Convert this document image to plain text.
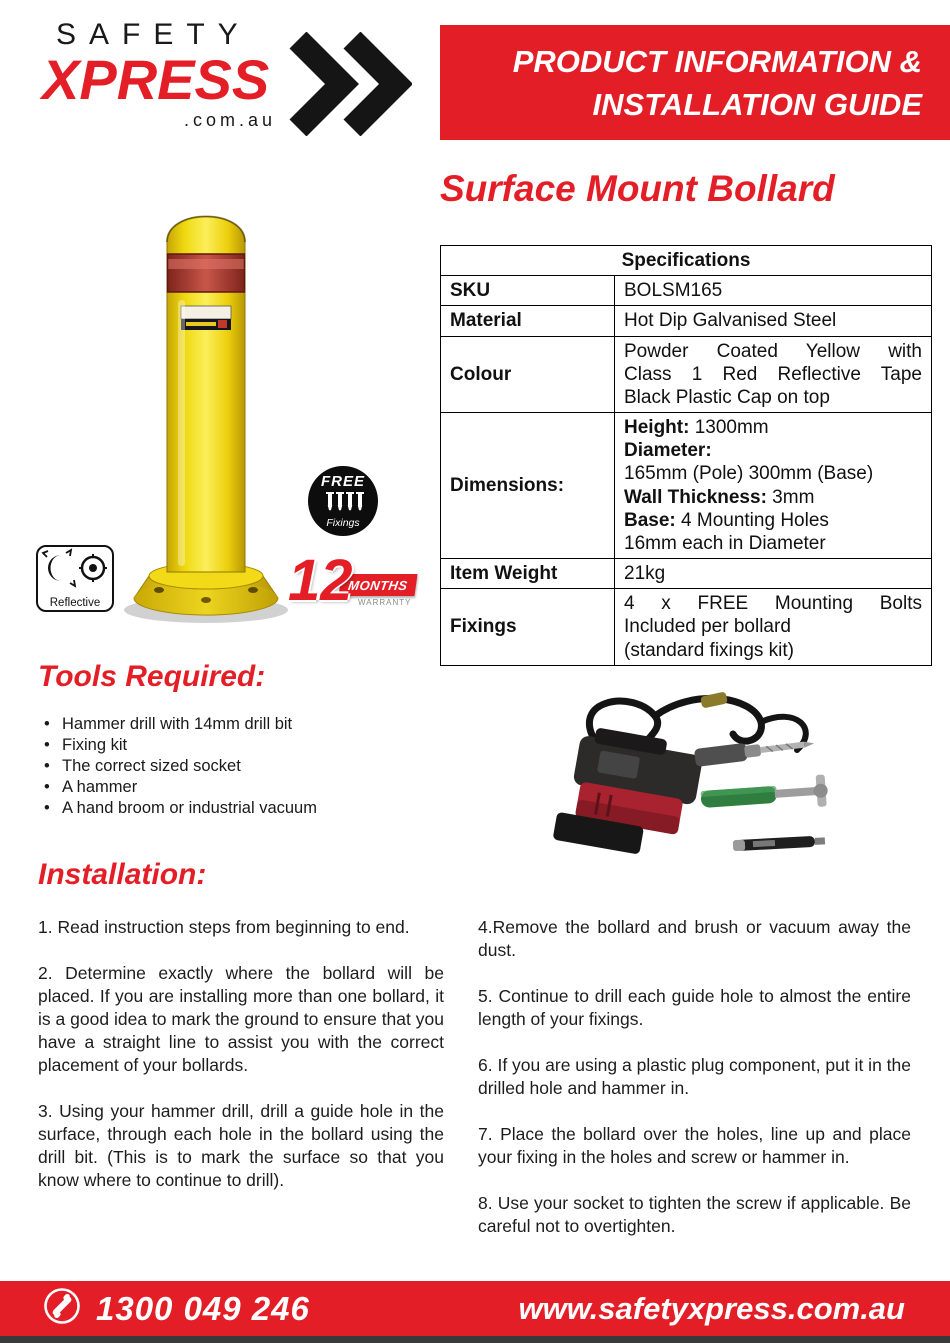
SAFETY
XPRESS
.com.au
PRODUCT INFORMATION &
INSTALLATION GUIDE
Surface Mount Bollard
FREE
Fixings
Reflective	12
MONTHS
WARRANTY
Specifications	
SKU	BOLSM165
Material	Hot Dip Galvanised Steel
Colour	Powder Coated Yellow with
Class 1 Red Reflective Tape
Black Plastic Cap on top

Dimensions:	
Height: 1300mm
Diameter:
165mm (Pole) 300mm (Base)
Wall Thickness: 3mm
Base: 4 Mounting Holes
16mm each in Diameter

Item Weight	21kg
Fixings	4 x FREE Mounting Bolts
Included per bollard
(standard fixings kit)
Tools Required:
• Hammer drill with 14mm drill bit
• Fixing kit
• The correct sized socket
• A hammer
• A hand broom or industrial vacuum
Installation:

1. Read instruction steps from beginning to end.

2. Determine exactly where the bollard will be placed. If you are installing more than one bollard, it is a good idea to mark the ground to ensure that you have a straight line to assist you with the correct placement of your bollards.

3. Using your hammer drill, drill a guide hole in the surface, through each hole in the bollard using the drill bit. (This is to mark the surface so that you know where to continue to drill).

4.Remove the bollard and brush or vacuum away the dust.

5. Continue to drill each guide hole to almost the entire length of your fixings.

6. If you are using a plastic plug component, put it in the drilled hole and hammer in.

7. Place the bollard over the holes, line up and place your fixing in the holes and screw or hammer in.

8. Use your socket to tighten the screw if applicable. Be careful not to overtighten.

1300 049 246	www.safetyxpress.com.au
